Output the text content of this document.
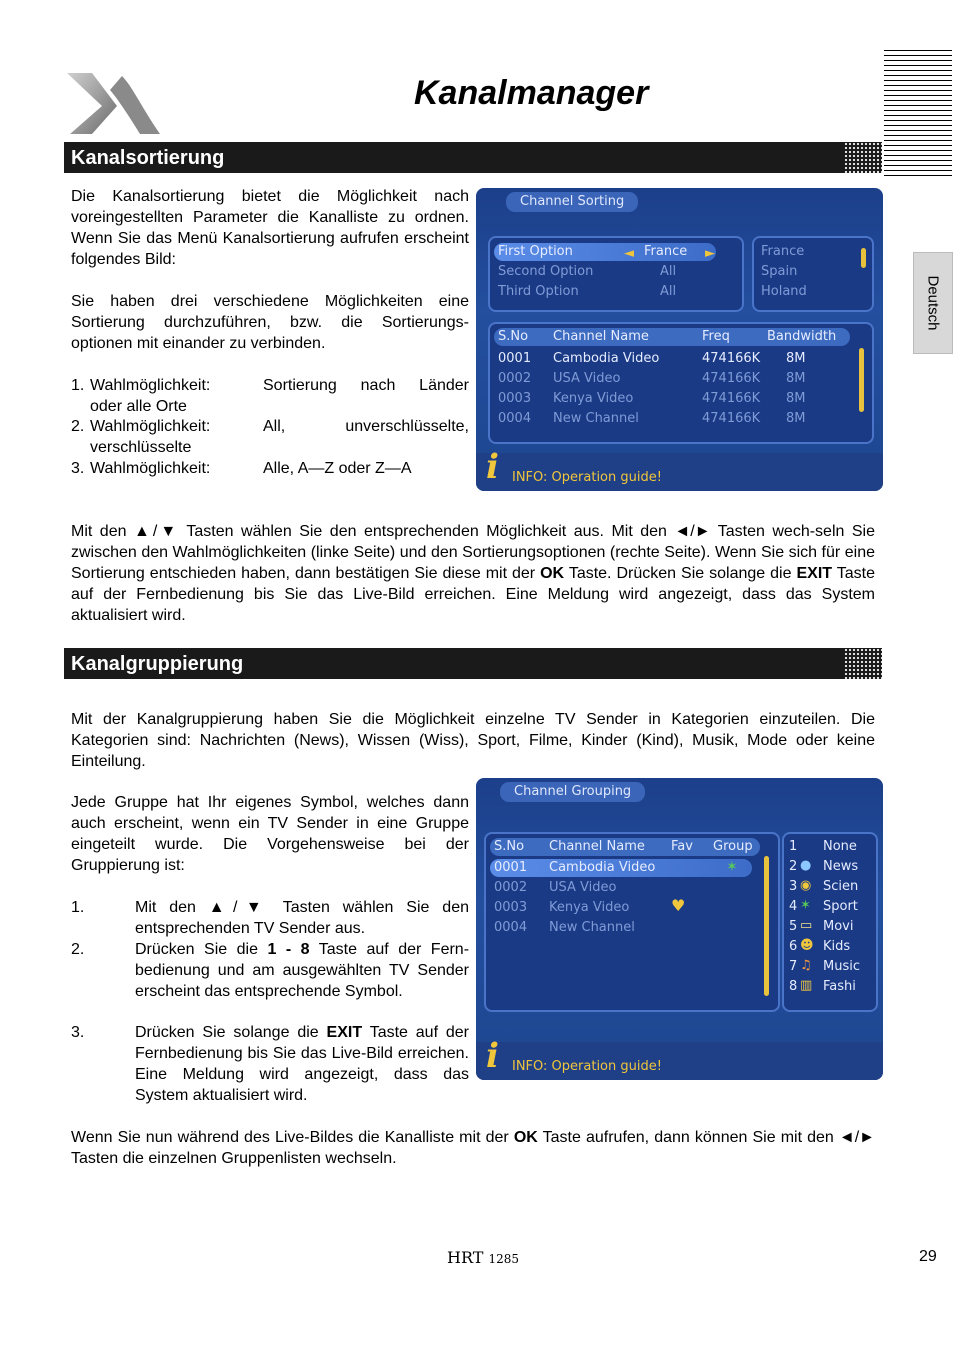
Kanalmanager
Deutsch
Kanalsortierung

Die Kanalsortierung bietet die Möglichkeit nach voreingestellten Parameter die Kanalliste zu ordnen. Wenn Sie das Menü Kanalsortierung aufrufen erscheint folgendes Bild:

Sie haben drei verschiedene Möglichkeiten eine Sortierung durchzuführen, bzw. die Sortierungs-optionen mit einander zu verbinden.

1. Wahlmöglichkeit:	Sortierung nach Länder
oder alle Orte
2. Wahlmöglichkeit:	All, unverschlüsselte,
verschlüsselte
3. Wahlmöglichkeit:	Alle, A—Z oder Z—A
Channel Sorting
First Option	◄ France ►
Second Option	All
Third Option	All
France
Spain
Holand
S.No Channel Name	Freq	Bandwidth
0001 Cambodia Video	474166K 8M
0002 USA Video	474166K 8M
0003 Kenya Video	474166K 8M
0004 New Channel	474166K 8M
i INFO: Operation guide!

Mit den ▲/▼ Tasten wählen Sie den entsprechenden Möglichkeit aus. Mit den ◄/► Tasten wech-seln Sie zwischen den Wahlmöglichkeiten (linke Seite) und den Sortierungsoptionen (rechte Seite). Wenn Sie sich für eine Sortierung entschieden haben, dann bestätigen Sie diese mit der OK Taste. Drücken Sie solange die EXIT Taste auf der Fernbedienung bis Sie das Live-Bild erreichen. Eine Meldung wird angezeigt, dass das System aktualisiert wird.

Kanalgruppierung

Mit der Kanalgruppierung haben Sie die Möglichkeit einzelne TV Sender in Kategorien einzuteilen. Die Kategorien sind: Nachrichten (News), Wissen (Wiss), Sport, Filme, Kinder (Kind), Musik, Mode oder keine Einteilung.

Jede Gruppe hat Ihr eigenes Symbol, welches dann auch erscheint, wenn ein TV Sender in eine Gruppe eingeteilt wurde. Die Vorgehensweise bei der Gruppierung ist:

1.	Mit den ▲/▼ Tasten wählen Sie den entsprechenden TV Sender aus.

2.	Drücken Sie die 1 - 8 Taste auf der Fern-bedienung und am ausgewählten TV Sender erscheint das entsprechende Symbol.

3.	Drücken Sie solange die EXIT Taste auf der Fernbedienung bis Sie das Live-Bild erreichen. Eine Meldung wird angezeigt, dass das System aktualisiert wird.

Channel Grouping
S.No Channel Name Fav Group
0001 Cambodia Video	✶
0002 USA Video
0003 Kenya Video	♥
0004 New Channel
1 None
2 ● News
3 ◉ Scien
4 ✶ Sport
5 ▭ Movi
6 ☻ Kids
7 ♫ Music
8 ▥ Fashi
i INFO: Operation guide!

Wenn Sie nun während des Live-Bildes die Kanalliste mit der OK Taste aufrufen, dann können Sie mit den ◄/► Tasten die einzelnen Gruppenlisten wechseln.

HRT 1285	29
